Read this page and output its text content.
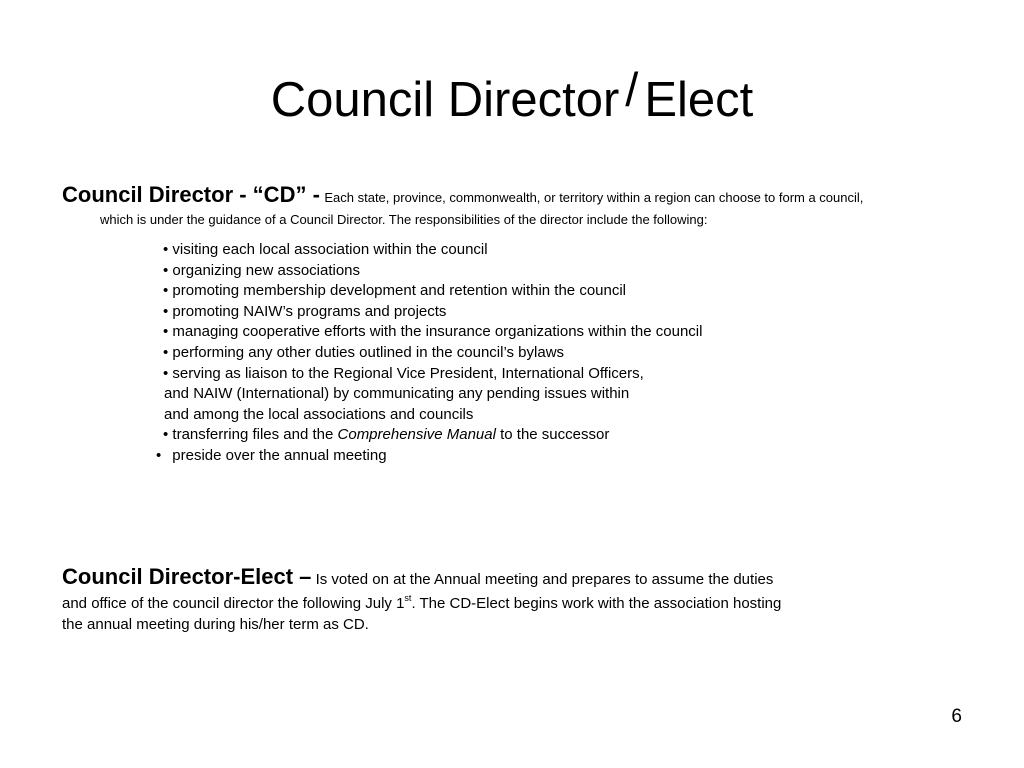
Council Director / Elect
Council Director - “CD” - Each state, province, commonwealth, or territory within a region can choose to form a council,
which is under the guidance of a Council Director. The responsibilities of the director include the following:
• visiting each local association within the council
• organizing new associations
• promoting membership development and retention within the council
• promoting NAIW’s programs and projects
• managing cooperative efforts with the insurance organizations within the council
• performing any other duties outlined in the council’s bylaws
• serving as liaison to the Regional Vice President, International Officers,
and NAIW (International) by communicating any pending issues within
and among the local associations and councils
• transferring files and the Comprehensive Manual to the successor
• preside over the annual meeting
Council Director-Elect – Is voted on at the Annual meeting and prepares to assume the duties
and office of the council director the following July 1st. The CD-Elect begins work with the association hosting
the annual meeting during his/her term as CD.
6
